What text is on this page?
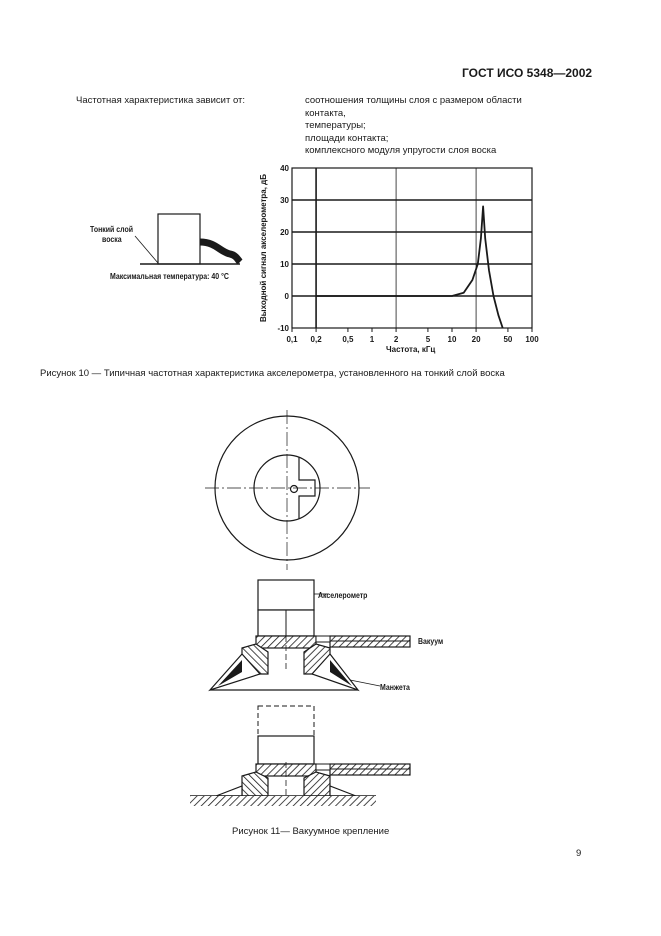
ГОСТ ИСО 5348—2002
Частотная характеристика зависит от:	соотношения толщины слоя с размером области
контакта,
температуры;
площади контакта;
комплексного модуля упругости слоя воска
Тонкий слой
воска
Максимальная температура: 40 °C	Выходной сигнал акселерометра, дБ
0,1 0,2	0,5 1 2	5 10 20	50 100
40
30
20
10
0
-10
Частота, кГц
Рисунок 10 — Типичная частотная характеристика акселерометра, установленного на тонкий слой воска
Акселерометр
Вакуум
Манжета
Рисунок 11— Вакуумное крепление
9
